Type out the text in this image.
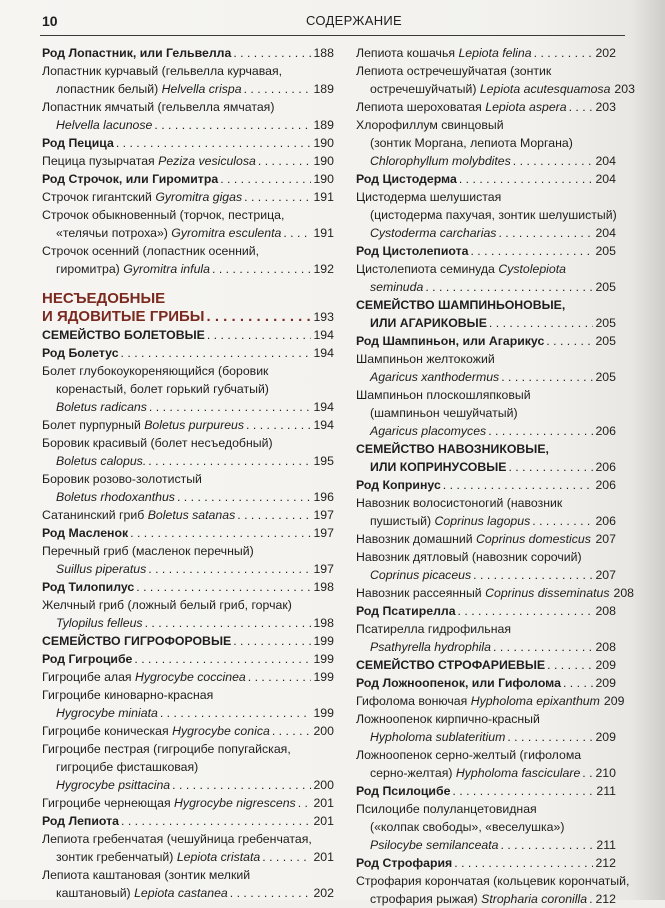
10	СОДЕРЖАНИЕ
Род Лопастник, или Гельвелла . . .	188
Лопастник курчавый (гельвелла курчавая,
лопастник белый) Helvella crispa . . .	189
Лопастник ямчатый (гельвелла ямчатая)
Helvella lacunose . . .	189
Род Пецица . . .	190
Пецица пузырчатая Peziza vesiculosa . . .	190
Род Строчок, или Гиромитра . . .	190
Строчок гигантский Gyromitra gigas . . .	191
Строчок обыкновенный (торчок, пестрица,
«телячьи потроха») Gyromitra esculenta . . .	191
Строчок осенний (лопастник осенний,
гиромитра) Gyromitra infula . . .	192
НЕСЪЕДОБНЫЕ
И ЯДОВИТЫЕ ГРИБЫ . . .	193
СЕМЕЙСТВО БОЛЕТОВЫЕ . . .	194
Род Болетус . . .	194
Болет глубокоукореняющийся (боровик
коренастый, болет горький губчатый)
Boletus radicans . . .	194
Болет пурпурный Boletus purpureus . . .	194
Боровик красивый (болет несъедобный)
Boletus calopus. . . .	195
Боровик розово-золотистый
Boletus rhodoxanthus . . .	196
Сатанинский гриб Boletus satanas . . .	197
Род Масленок . . .	197
Перечный гриб (масленок перечный)
Suillus piperatus . . .	197
Род Тилопилус . . .	198
Желчный гриб (ложный белый гриб, горчак)
Tylopilus felleus . . .	198
СЕМЕЙСТВО ГИГРОФОРОВЫЕ . . .	199
Род Гигроцибе . . .	199
Гигроцибе алая Hygrocybe coccinea . . .	199
Гигроцибе киноварно-красная
Hygrocybe miniata . . .	199
Гигроцибе коническая Hygrocybe conica . . .	200
Гигроцибе пестрая (гигроцибе попугайская,
гигроцибе фисташковая)
Hygrocybe psittacina . . .	200
Гигроцибе чернеющая Hygrocybe nigrescens . . . 201
Род Лепиота . . .	201
Лепиота гребенчатая (чешуйница гребенчатая,
зонтик гребенчатый) Lepiota cristata . . .	201
Лепиота каштановая (зонтик мелкий
каштановый) Lepiota castanea . . .	202
Лепиота кошачья Lepiota felina . . .	202
Лепиота остречешуйчатая (зонтик
остречешуйчатый) Lepiota acutesquamosa 203
Лепиота шероховатая Lepiota aspera . . . 203
Хлорофиллум свинцовый
(зонтик Моргана, лепиота Моргана)
Chlorophyllum molybdites . . .	204
Род Цистодерма . . .	204
Цистодерма шелушистая
(цистодерма пахучая, зонтик шелушистый)
Cystoderma carcharias . . .	204
Род Цистолепиота . . .	205
Цистолепиота семинуда Cystolepiota
seminuda . . .	205
СЕМЕЙСТВО ШАМПИНЬОНОВЫЕ,
ИЛИ АГАРИКОВЫЕ . . .	205
Род Шампиньон, или Агарикус . . .	205
Шампиньон желтокожий
Agaricus xanthodermus . . .	205
Шампиньон плоскошляпковый
(шампиньон чешуйчатый)
Agaricus placomyces . . .	206
СЕМЕЙСТВО НАВОЗНИКОВЫЕ,
ИЛИ КОПРИНУСОВЫЕ . . .	206
Род Копринус . . .	206
Навозник волосистоногий (навозник
пушистый) Coprinus lagopus . . .	206
Навозник домашний Coprinus domesticus . . . 207
Навозник дятловый (навозник сорочий)
Coprinus picaceus . . .	207
Навозник рассеянный Coprinus disseminatus 208
Род Псатирелла . . .	208
Псатирелла гидрофильная
Psathyrella hydrophila . . .	208
СЕМЕЙСТВО СТРОФАРИЕВЫЕ . . .	209
Род Ложноопенок, или Гифолома . . .	209
Гифолома вонючая Hypholoma epixanthum 209
Ложноопенок кирпично-красный
Hypholoma sublateritium . . .	209
Ложноопенок серно-желтый (гифолома
серно-желтая) Hypholoma fasciculare . . . 210
Род Псилоцибе . . .	211
Псилоцибе полуланцетовидная
(«колпак свободы», «веселушка»)
Psilocybe semilanceata . . .	211
Род Строфария . . .	212
Строфария корончатая (кольцевик корончатый,
строфария рыжая) Stropharia coronilla . . . 212
